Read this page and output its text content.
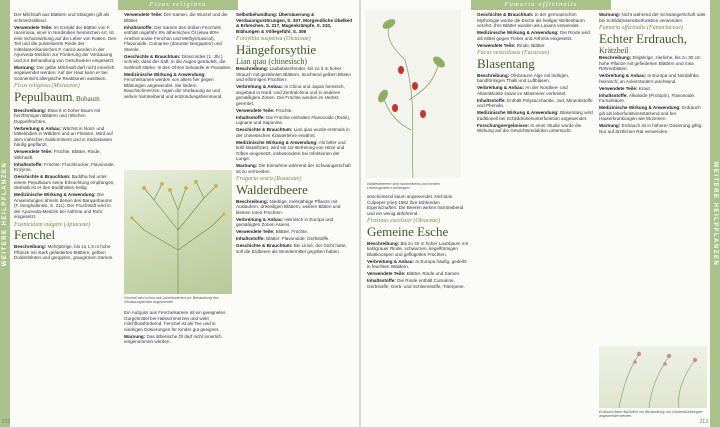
WEITERE HEILPFLANZEN
Ficus religiosa

Der Milchsaft aus Blättern und Stängeln gilt als schmerzstillend.

Verwendete Teile: Im Extrakt der Blätter von F. racemosa, einer in Nordindien heimischen Art, ist eine Schutzwirkung auf die Leber von Ratten. Den Teil und die pulverisierte Rinde der mittelamerikanischen F. carica werden in der Ayurveda-Medizin zur Förderung der Verdauung und zur Behandlung von Geschwüren eingesetzt.

Warnung: Der gelbe Milchsaft darf nicht innerlich angewendet werden. Auf der Haut kann er bei Sonnenlicht allergische Reaktionen auslösen.

Ficus religiosa (Moraceae)
Pepulbaum, Bobaum

Beschreibung: Etwa 8 m hoher Baum mit herzförmigen Blättern und rötlichen Doppelfrüchten.

Verbreitung & Anbau: Wächst in Nord- und Mittelindien in Wäldern und an Flüssen. Wird auf dem indischen Subkontinent und in Südostasien häufig gepflanzt.

Verwendete Teile: Früchte, Blätter, Rinde, Milchsaft.

Inhaltsstoffe: Früchte: Fruchtzucker, Flavonoide, Enzyme.

Geschichte & Brauchtum: Buddha hat unter einem Pepulbaum seine Erleuchtung empfangen, deshalb ist er den Buddhisten heilig.

Medizinische Wirkung & Anwendung: Die Anwendungen ähneln denen des Banyanbaums (F. benghalensis, S. 211). Der Fruchtsaft wird in der Ayurveda-Medizin bei Asthma und Ruhr eingesetzt.

Foeniculum vulgare (Apiaceae)
Fenchel

Beschreibung: Mehrjährige, bis zu 1,5 m hohe Pflanze mit stark gefiederten Blättern, gelben Doldenblüten und gerippten, graugrünen Samen.

Verwendete Teile: Der Samen, die Wurzel und die Blätter.

Inhaltsstoffe: Der Samen des Süßen Fenchels enthält ungefähr 8% ätherisches Öl (etwa 80% Anethol sowie Fenchon und Methylchavicol), Flavonoide, Cumarine (darunter Bergapten) und Sterole.

Geschichte & Brauchtum: Dioscorides (1. Jhr.) schrieb, dass der Saft, in die Augen geträufelt, die Sehkraft stärke. In den Ohren behandle er Parasiten.

Medizinische Wirkung & Anwendung: Fenchelsamen werden von alters her gegen Blähungen angewendet. Sie lindern Bauchschmerzen, regen die Verdauung an und wirken harntreibend und entzündungshemmend.

Fenchel wird schon seit Jahrhunderten zur Behandlung des Verdauungstrakts angewendet.

Ein Aufguss aus Fenchelsamen ist ein geeignetes Gurgelmittel bei Halsschmerzen und wirkt milchflussfördernd. Fenchel ist als Tee und in niedrigen Dosierungen für Kinder gut geeignet.

Warnung: Das ätherische Öl darf nicht innerlich eingenommen werden.

Selbstbehandlung: Übersäuerung & Verdauungsstörungen, S. 307, Morgendliche Übelkeit & Erbrechen, S. 317, Magenkrämpfe, S. 310, Blähungen & Völlegefühl, S. 306

Forsythia suspensa (Oleaceae)
Hängeforsythie
Lian qiao (chinesisch)

Beschreibung: Laubabwerfender, bis zu 3 m hoher Strauch mit gezähnten Blättern, leuchtend gelben Blüten und eiförmigen Früchten.

Verbreitung & Anbau: In China und Japan heimisch, angebaut in Nord- und Zentralchina und in anderen gemäßigten Zonen. Die Früchte werden im Herbst geerntet.

Verwendete Teile: Früchte.

Inhaltsstoffe: Die Früchte enthalten Flavonoide (Rutin), Lignane und Saponine.

Geschichte & Brauchtum: Lian qiao wurde erstmals in der chinesischen Kräuterlehre erwähnt.

Medizinische Wirkung & Anwendung: Als bitter und kühl klassifiziert, wird sie zur Befreiung von Hitze und Giften eingesetzt, insbesondere bei Infektionen der Lunge.

Warnung: Die Einnahme während der Schwangerschaft ist zu vermeiden.

Fragaria vesca (Rosaceae)
Walderdbeere

Beschreibung: Niedrige, mehrjährige Pflanze mit Ausläufern, dreiteiligen Blättern, weißen Blüten und kleinen roten Früchten.

Verbreitung & Anbau: Heimisch in Europa und gemäßigten Zonen Asiens.

Verwendete Teile: Blätter, Früchte.

Inhaltsstoffe: Blätter: Flavonoide, Gerbstoffe.

Geschichte & Brauchtum: Bei Linné, der Gicht hatte, soll die Erdbeere als Wundermittel gegolten haben.

212
WEITERE HEILPFLANZEN
Fumaria officinalis
Walderdbeeren sind harntreibend und werden Lebensgeistern vorbeugen.

anscheinend kaum angewendet. Nicholas Culpeper prieş 1652 ihre kühlenden Eigenschaften. Die Beeren wirken harntreibend und ein wenig abführend.

Fraxinus excelsior (Oleaceae)
Gemeine Esche

Beschreibung: Bis zu 40 m hoher Laubbaum mit kahlgrauer Rinde, schwarzen, kegelförmigen Blattknospen und geflügelten Früchten.

Verbreitung & Anbau: In Europa häufig, gedeiht in feuchten Wäldern.

Verwendete Teile: Blätter, Rinde und Samen.

Inhaltsstoffe: Die Rinde enthält Cumarine, Gerbstoffe, Gerb- und Schleimstoffe, Triterpene.

Geschichte & Brauchtum: In der germanischen Mythologie wurde die Esche als heiliger Weltenbaum verehrt. Ihre Blätter wurden als Laxans verwendet.

Medizinische Wirkung & Anwendung: Die Rinde wird als Mittel gegen Fieber und Arthritis eingesetzt.

Verwendete Teile: Rinde, Blätter.

Fucus vesiculosus (Fucaceae)
Blasentang

Beschreibung: Olivbraune Alge mit ledrigen, bandförmigen Thalli und Luftblasen.

Verbreitung & Anbau: An der Nordsee- und Atlantikküste sowie im Mittelmeer verbreitet.

Inhaltsstoffe: Enthält Polysaccharide, Jod, Mineralstoffe und Phenole.

Medizinische Wirkung & Anwendung: Blasentang wird traditionell bei Schilddrüsenunterfunktion angewendet.

Forschungsergebnisse: In einer Studie wurde die Wirkung auf die Gewichtsreduktion untersucht.

Warnung: Nicht während der Schwangerschaft oder bei Schilddrüsenüberfunktion verwenden.

Fumaria officinalis (Fumariaceae)
Echter Erdrauch,
Krätzheil

Beschreibung: Einjährige, zierliche, bis zu 30 cm hohe Pflanze mit gefiederten Blättern und rosa Röhrenblüten.

Verbreitung & Anbau: In Europa und Nordafrika heimisch; an Ackerrändern wachsend.

Verwendete Teile: Kraut.

Inhaltsstoffe: Alkaloide (Protopin), Flavonoide, Fumarsäure.

Medizinische Wirkung & Anwendung: Erdrauch gilt als leberfunktionsstärkend und bei Hauterkrankungen wie Ekzemen.

Warnung: Erdrauch ist in höherer Dosierung giftig. Nur auf ärztlichen Rat verwenden.

Erdrauch kann äußerlich zur Behandlung von Hautentzündungen angewendet werden.
213
